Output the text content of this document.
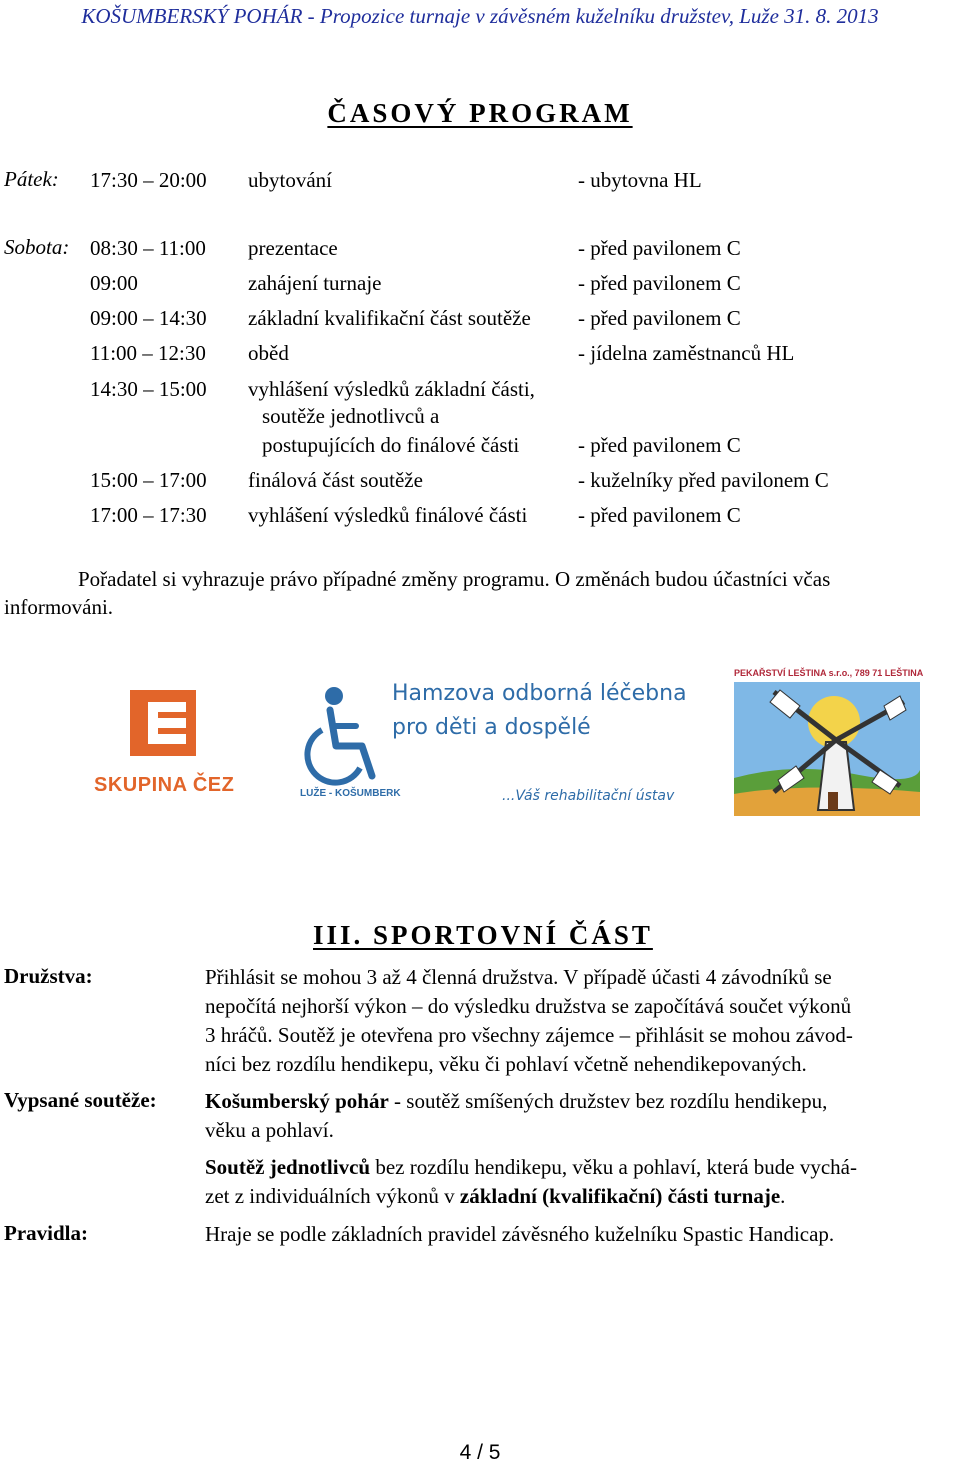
KOŠUMBERSKÝ POHÁR - Propozice turnaje v závěsném kuželníku družstev, Luže 31. 8. 2013
ČASOVÝ PROGRAM
Pátek: 17:30 – 20:00 ubytování	- ubytovna HL
Sobota: 08:30 – 11:00 prezentace	- před pavilonem C
09:00	zahájení turnaje	- před pavilonem C
09:00 – 14:30 základní kvalifikační část soutěže - před pavilonem C
11:00 – 12:30 oběd	- jídelna zaměstnanců HL
14:30 – 15:00 vyhlášení výsledků základní části,
soutěže jednotlivců a
postupujících do finálové části	- před pavilonem C
15:00 – 17:00 finálová část soutěže	- kuželníky před pavilonem C
17:00 – 17:30 vyhlášení výsledků finálové části - před pavilonem C
Pořadatel si vyhrazuje právo případné změny programu. O změnách budou účastníci včas
informováni.
SKUPINA ČEZ	LUŽE - KOŠUMBERK
Hamzova odborná léčebna
pro děti a dospělé
...Váš rehabilitační ústav
PEKAŘSTVÍ LEŠTINA s.r.o., 789 71 LEŠTINA
III. SPORTOVNÍ ČÁST
Družstva:	Přihlásit se mohou 3 až 4 členná družstva. V případě účasti 4 závodníků se
nepočítá nejhorší výkon – do výsledku družstva se započítává součet výkonů
3 hráčů. Soutěž je otevřena pro všechny zájemce – přihlásit se mohou závod-
níci bez rozdílu hendikepu, věku či pohlaví včetně nehendikepovaných.
Vypsané soutěže: Košumberský pohár - soutěž smíšených družstev bez rozdílu hendikepu,
věku a pohlaví.
Soutěž jednotlivců bez rozdílu hendikepu, věku a pohlaví, která bude vychá-
zet z individuálních výkonů v základní (kvalifikační) části turnaje.
Pravidla:	Hraje se podle základních pravidel závěsného kuželníku Spastic Handicap.
4 / 5
